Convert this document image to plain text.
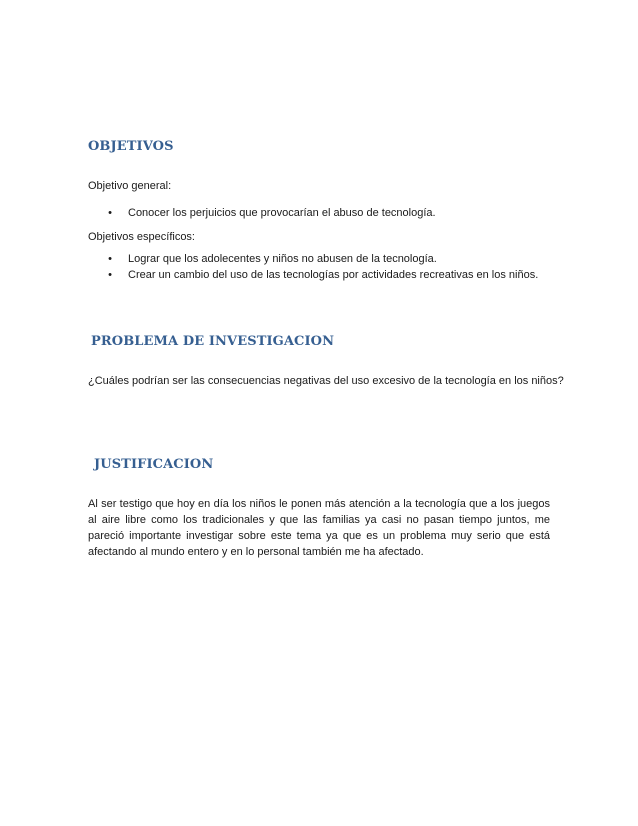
OBJETIVOS

Objetivo general:

• Conocer los perjuicios que provocarían el abuso de tecnología.

Objetivos específicos:

• Lograr que los adolecentes y niños no abusen de la tecnología.
• Crear un cambio del uso de las tecnologías por actividades recreativas en los niños.
PROBLEMA DE INVESTIGACION

¿Cuáles podrían ser las consecuencias negativas del uso excesivo de la tecnología en los niños?

JUSTIFICACION

Al ser testigo que hoy en día los niños le ponen más atención a la tecnología que a los juegos al aire libre como los tradicionales y que las familias ya casi no pasan tiempo juntos, me pareció importante investigar sobre este tema ya que es un problema muy serio que está afectando al mundo entero y en lo personal también me ha afectado.
